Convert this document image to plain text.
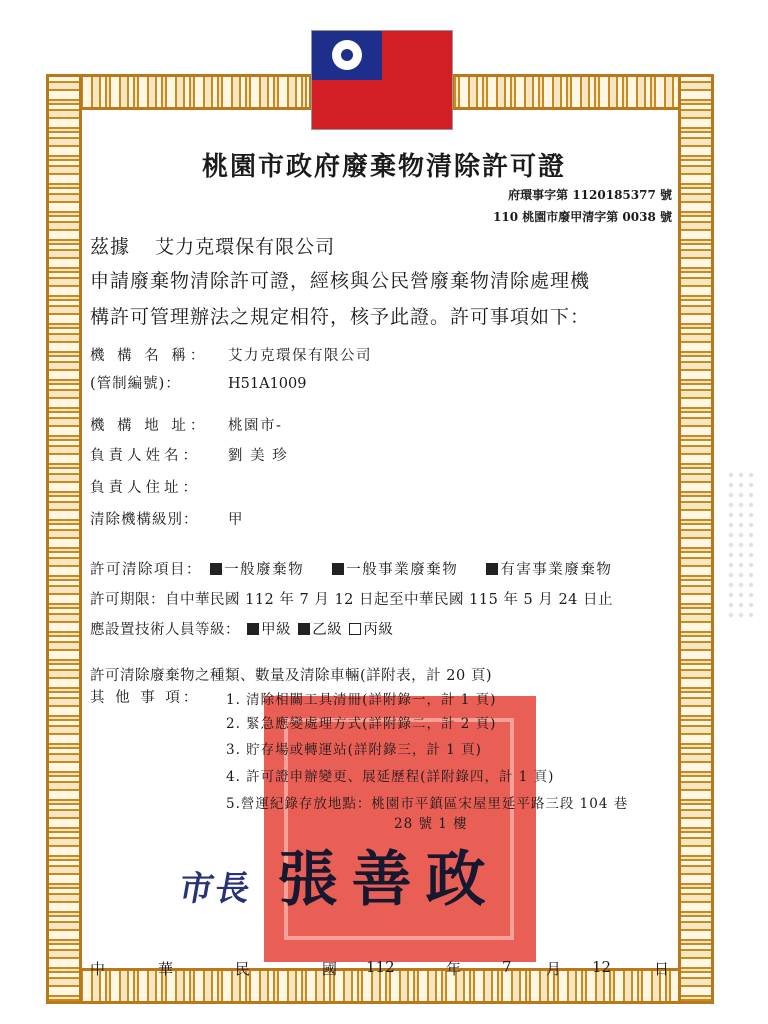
桃園市政府廢棄物清除許可證
府環事字第 1120185377 號
110 桃園市廢甲清字第 0038 號
茲據 艾力克環保有限公司
申請廢棄物清除許可證，經核與公民營廢棄物清除處理機
構許可管理辦法之規定相符，核予此證。許可事項如下：
機 構 名 稱： 艾力克環保有限公司
(管制編號)：	H51A1009
機 構 地 址： 桃園市-
負責人姓名： 劉 美 珍
負責人住址：
清除機構級別： 甲
許可清除項目： 一般廢棄物	一般事業廢棄物	有害事業廢棄物
許可期限：自中華民國 112 年 7 月 12 日起至中華民國 115 年 5 月 24 日止
應設置技術人員等級： 甲級 乙級 丙級
許可清除廢棄物之種類、數量及清除車輛(詳附表，計 20 頁)
其 他 事 項： 1. 清除相關工具清冊(詳附錄一，計 1 頁)
2. 緊急應變處理方式(詳附錄二，計 2 頁)
3. 貯存場或轉運站(詳附錄三，計 1 頁)
4. 許可證申辦變更、展延歷程(詳附錄四，計 1 頁)
5.營運紀錄存放地點：桃園市平鎮區宋屋里延平路三段 104 巷
28 號 1 樓
市長 張善政
中	華	民	國 112	年	7 月 12	日
